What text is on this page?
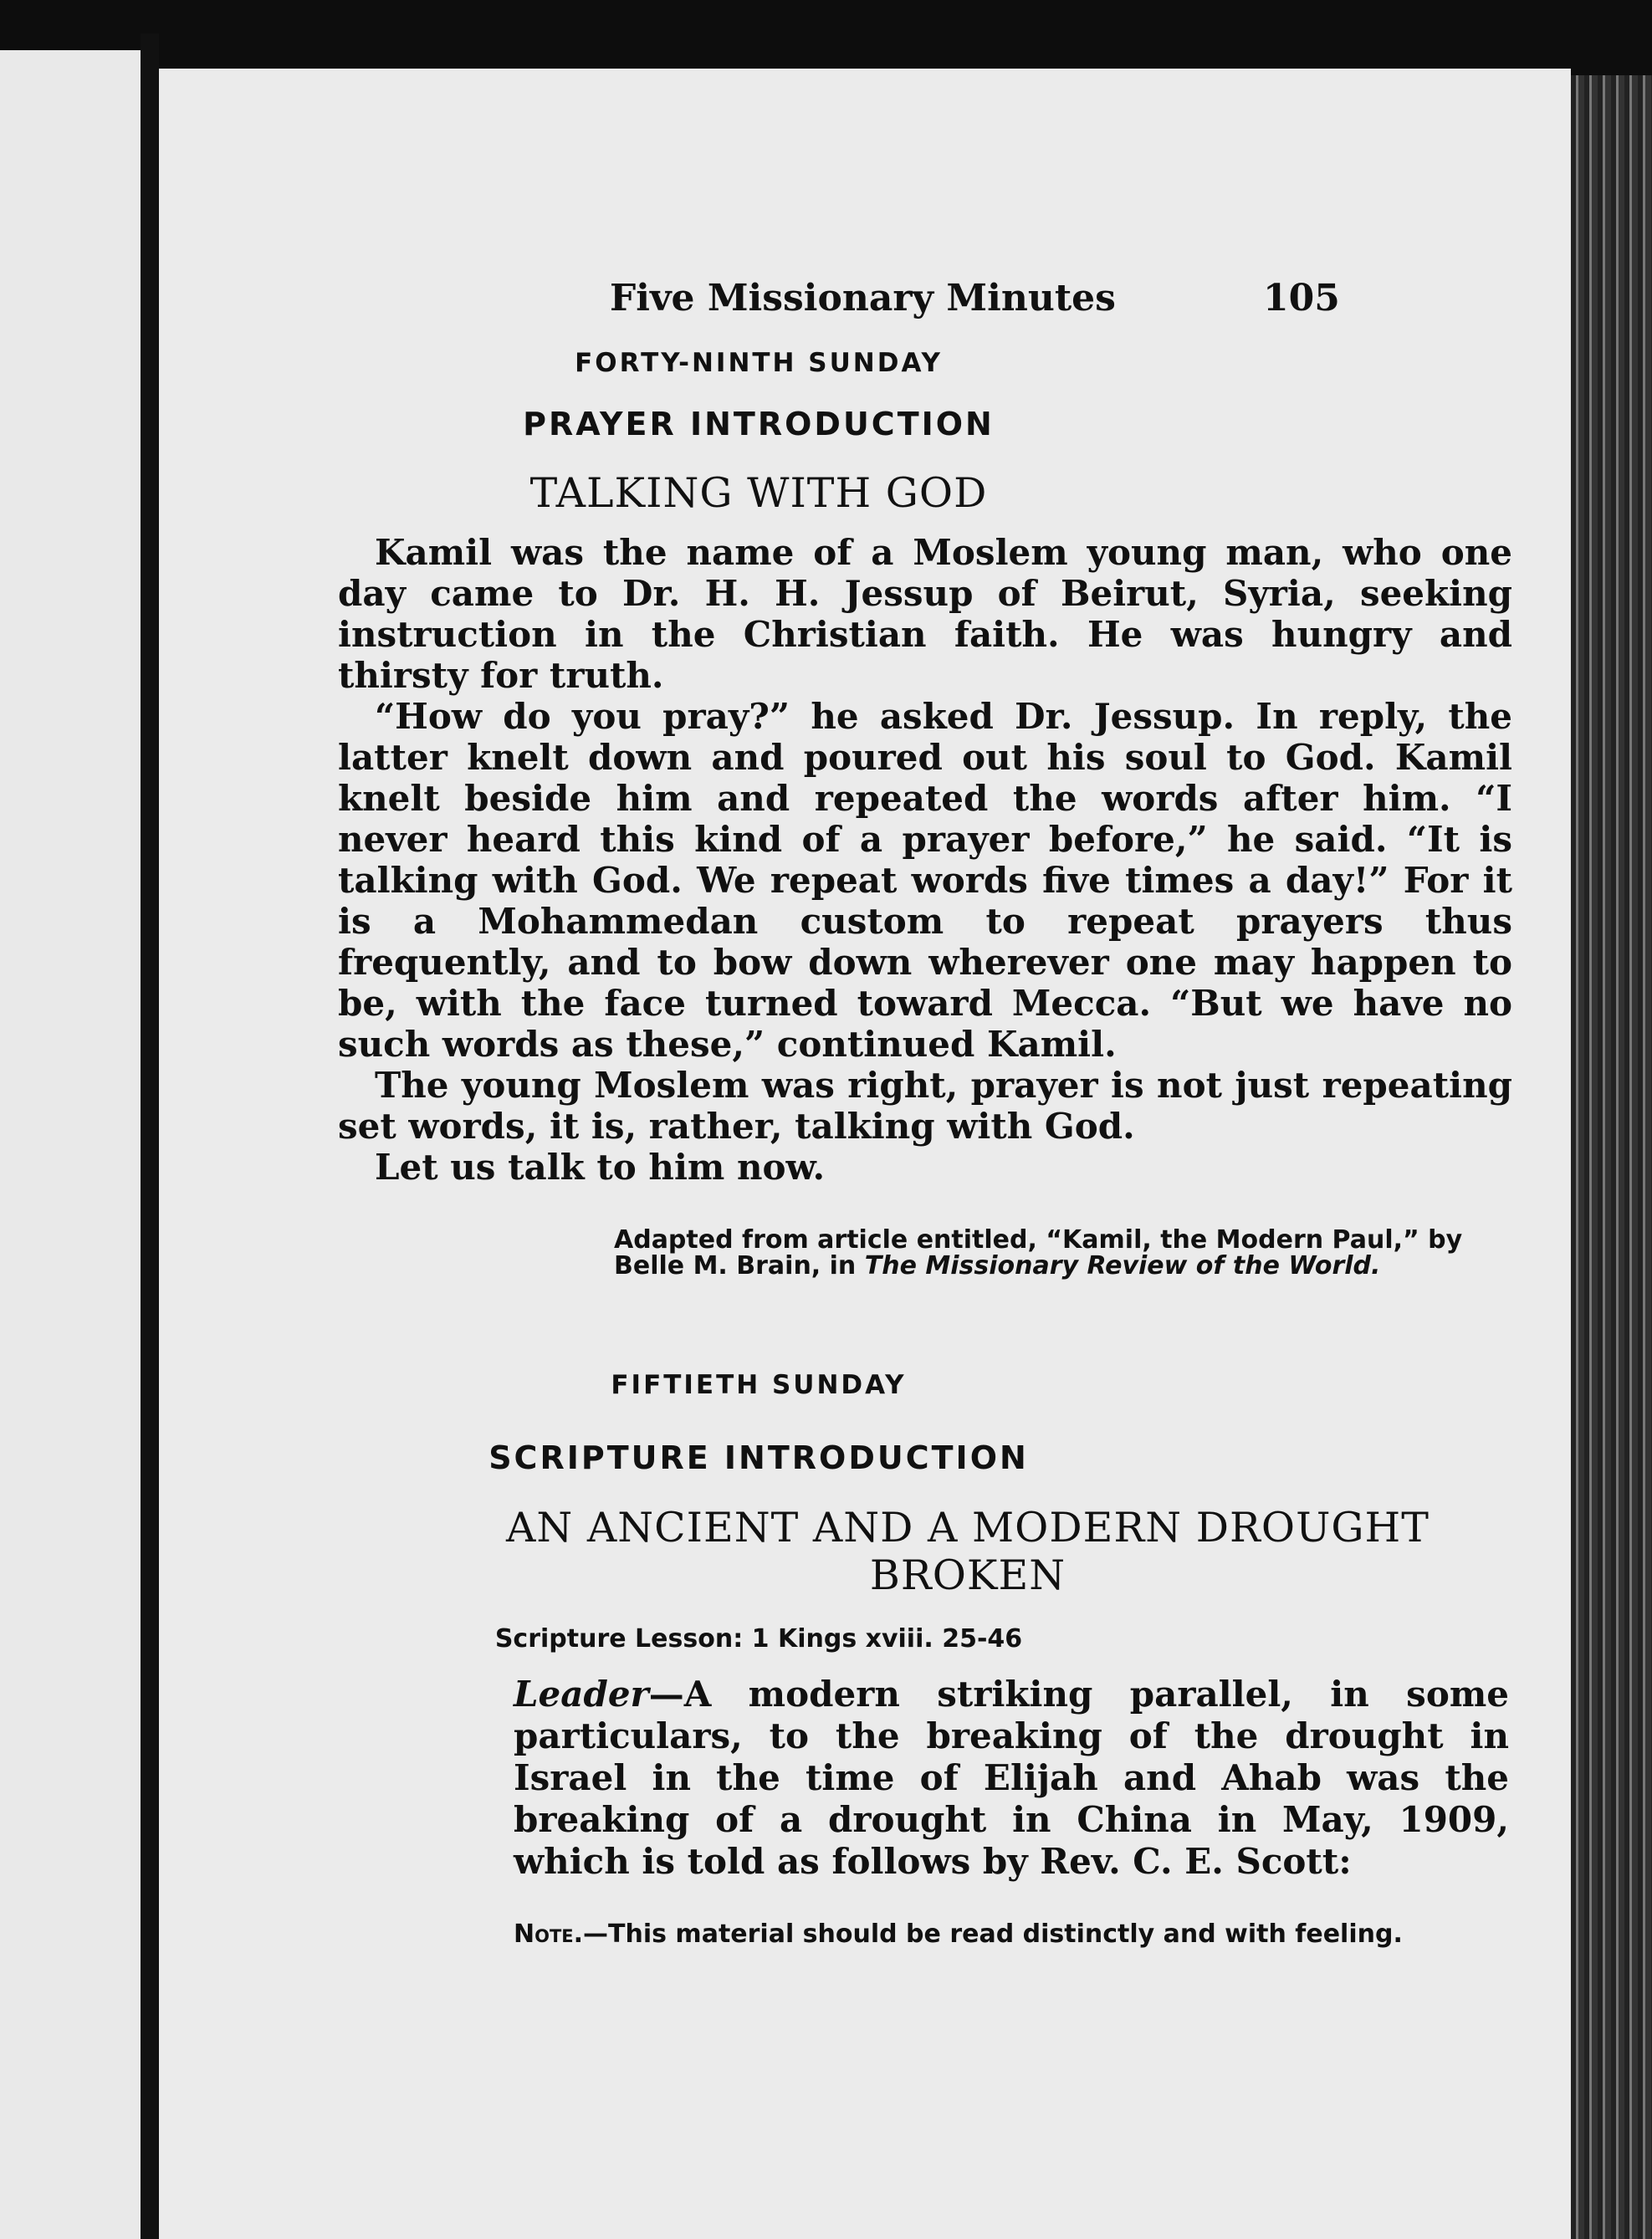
Five Missionary Minutes	105
FORTY-NINTH SUNDAY
PRAYER INTRODUCTION
TALKING WITH GOD

Kamil was the name of a Moslem young man, who one day came to Dr. H. H. Jessup of Beirut, Syria, seeking instruction in the Christian faith. He was hungry and thirsty for truth.

“How do you pray?” he asked Dr. Jessup. In reply, the latter knelt down and poured out his soul to God. Kamil knelt beside him and repeated the words after him. “I never heard this kind of a prayer before,” he said. “It is talking with God. We repeat words five times a day!” For it is a Mohammedan custom to repeat prayers thus frequently, and to bow down wherever one may happen to be, with the face turned toward Mecca. “But we have no such words as these,” continued Kamil.

The young Moslem was right, prayer is not just repeating set words, it is, rather, talking with God.

Let us talk to him now.

Adapted from article entitled, “Kamil, the Modern Paul,” by Belle M. Brain, in The Missionary Review of the World.
FIFTIETH SUNDAY
SCRIPTURE INTRODUCTION
AN ANCIENT AND A MODERN DROUGHT BROKEN
Scripture Lesson: 1 Kings xviii. 25-46
Leader—A modern striking parallel, in some particulars, to the breaking of the drought in Israel in the time of Elijah and Ahab was the breaking of a drought in China in May, 1909, which is told as follows by Rev. C. E. Scott:
Note.—This material should be read distinctly and with feeling.
